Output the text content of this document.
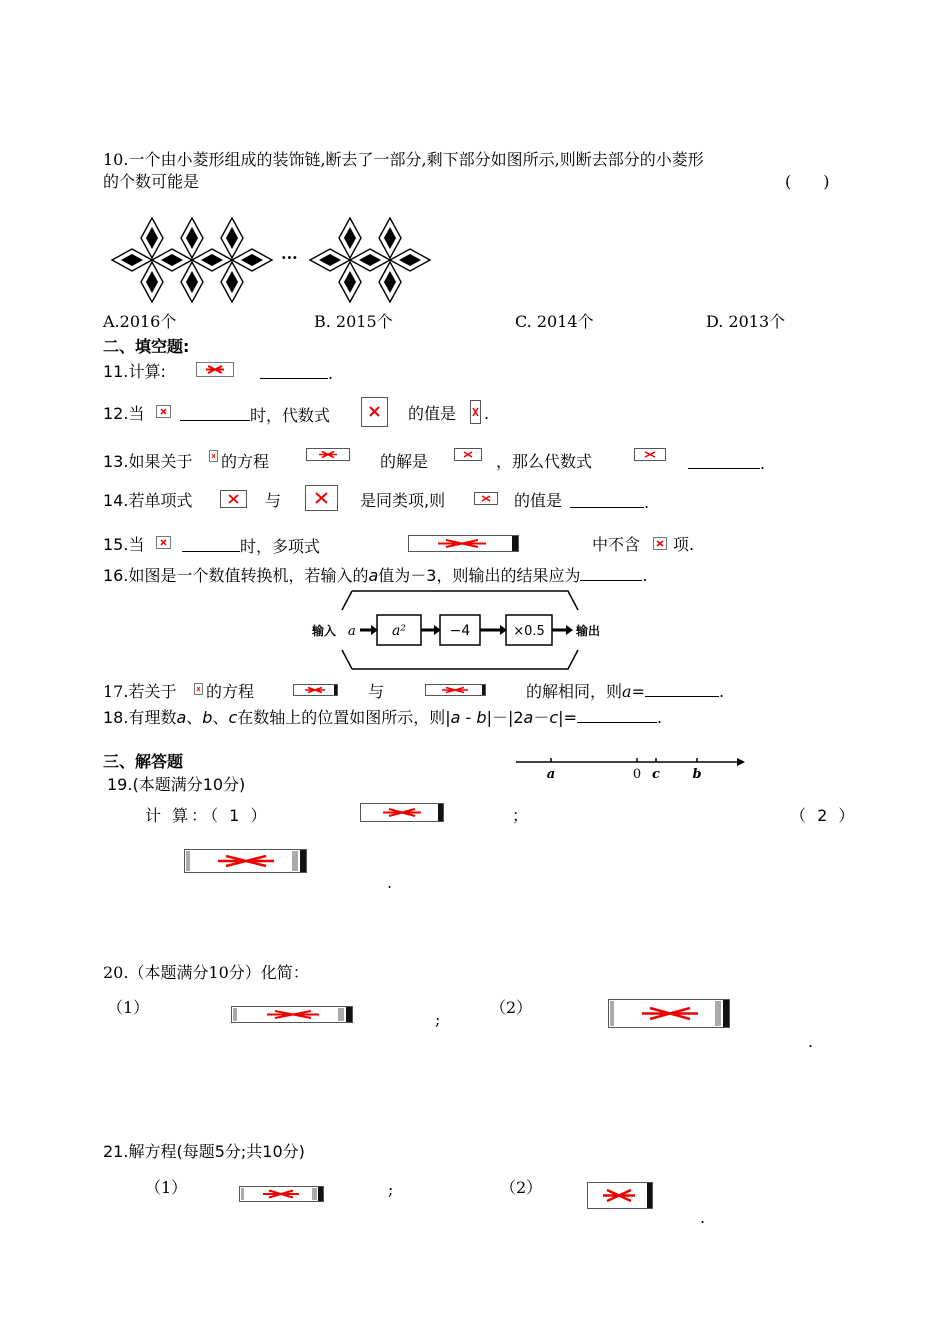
10.一个由小菱形组成的装饰链,断去了一部分,剩下部分如图所示,则断去部分的小菱形
的个数可能是	(　　)
···
A.2016个	B. 2015个	C. 2014个	D. 2013个
二、填空题:
11.计算:	.
12.当	时，代数式	的值是 .
13.如果关于 的方程	的解是	，那么代数式	.
14.若单项式	与	是同类项,则	的值是	.
15.当	时，多项式	中不含 项.
16.如图是一个数值转换机，若输入的a值为－3，则输出的结果应为	.
输入 a	a²	−4	×0.5	输出
17.若关于 的方程	与	的解相同，则a=	.
18.有理数a、b、c在数轴上的位置如图所示，则|a - b|－|2a－c|=	.
三、解答题
a	0 c b
19.(本题满分10分)
计 算：（ 1 ）	；	（ 2 ）
.
20.（本题满分10分）化简：
（1）
;
（2）
.
21.解方程(每题5分;共10分)
（1）	;	（2）
.
